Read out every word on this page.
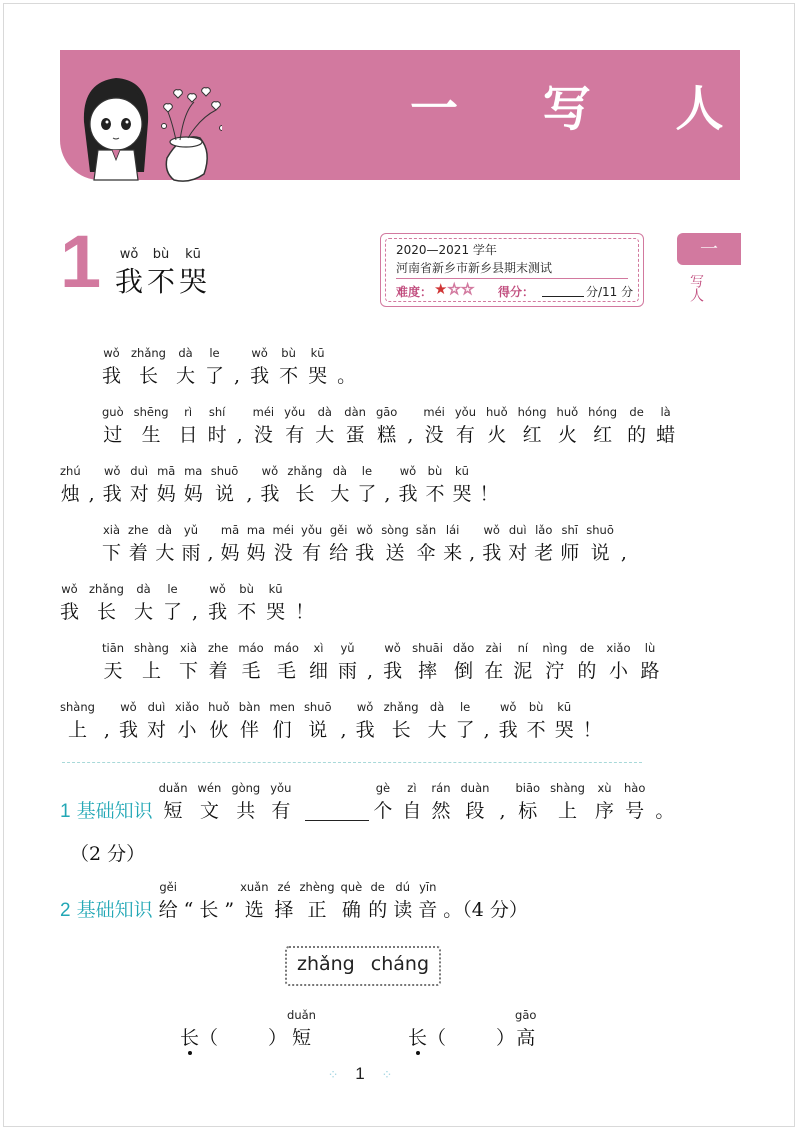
一 写 人
一
写人
1 wǒ
我
bù
不
kū
哭
2020—2021 学年
河南省新乡市新乡县期末测试
难度： ★☆☆ 得分：	分/11 分
wǒ
我
zhǎng
长
dà
大
le
了 ,
wǒ
我
bù
不
kū
哭 。
guò
过
shēng
生
rì
日
shí
时 ,
méi
没
yǒu
有
dà
大
dàn
蛋
gāo
糕 ,
méi
没
yǒu
有
huǒ
火
hóng
红
huǒ
火
hóng
红
de
的
là
蜡
zhú
烛 ,
wǒ
我
duì
对
mā
妈
ma
妈
shuō
说 ,
wǒ
我
zhǎng
长
dà
大
le
了 ,
wǒ
我
bù
不
kū
哭 ！
xià
下
zhe
着
dà
大
yǔ
雨 ,
mā
妈
ma
妈
méi
没
yǒu
有
gěi
给
wǒ
我
sòng
送
sǎn
伞
lái
来 ,
wǒ
我
duì
对
lǎo
老
shī
师
shuō
说 ,
wǒ
我
zhǎng
长
dà
大
le
了 ,
wǒ
我
bù
不
kū
哭 ！
tiān
天
shàng
上
xià
下
zhe
着
máo
毛
máo
毛
xì
细
yǔ
雨 ,
wǒ
我
shuāi
摔
dǎo
倒
zài
在
ní
泥
nìng
泞
de
的
xiǎo
小
lù
路
shàng
上 ,
wǒ
我
duì
对
xiǎo
小
huǒ
伙
bàn
伴
men
们
shuō
说 ,
wǒ
我
zhǎng
长
dà
大
le
了 ,
wǒ
我
bù
不
kū
哭 ！
1 基础知识
duǎn
短
wén
文
gòng
共
yǒu
有
gè
个
zì
自
rán
然
duàn
段 ,
biāo
标
shàng
上
xù
序
hào
号 。
（2 分）
2 基础知识
gěi
给 “ 长 ”
xuǎn
选
zé
择
zhèng
正
què
确
de
的
dú
读
yīn
音 。（4 分）
zhǎng cháng
长 （	）
duǎn
短	长 （	）
gāo
高
⁘ 1 ⁘
